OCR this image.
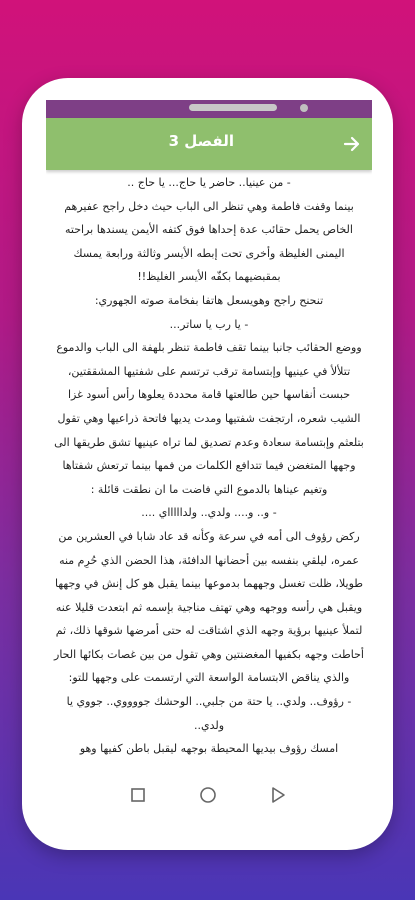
الفصل 3

- من عينيا.. حاضر يا حاج... يا حاج ..

بينما وقفت فاطمة وهي تنظر الى الباب حيث دخل راجح عفيرهم الخاص يحمل حقائب عدة إحداها فوق كتفه الأيمن يسندها براحته اليمنى الغليظة وأخرى تحت إبطه الأيسر وثالثة ورابعة يمسك بمقبضيهما بكفّه الأيسر الغليظ!!

تنحنح راجح وهويسعل هاتفا بفخامة صوته الجهوري:

- يا رب يا ساتر...

ووضع الحقائب جانبا بينما تقف فاطمة تنظر بلهفة الى الباب والدموع تتلألأ في عينيها وإبتسامة ترقب ترتسم على شفتيها المشققتين، حبست أنفاسها حين طالعتها قامة محددة يعلوها رأس أسود غزا الشيب شعره، ارتجفت شفتيها ومدت يديها فاتحة ذراعيها وهي تقول بتلعثم وإبتسامة سعادة وعدم تصديق لما تراه عينيها تشق طريقها الى وجهها المتغضن فيما تتدافع الكلمات من فمها بينما ترتعش شفتاها وتغيم عيناها بالدموع التي فاضت ما ان نطقت قائلة :

- و.. و.... ولدي.. ولداااااي ....

ركض رؤوف الى أمه في سرعة وكأنه قد عاد شابا في العشرين من عمره، ليلقي بنفسه بين أحضانها الدافئة، هذا الحضن الذي حُرِم منه طويلا، ظلت تغسل وجههما بدموعها بينما يقبل هو كل إنش في وجهها ويقبل هي رأسه ووجهه وهي تهتف مناجية بإسمه ثم ابتعدت قليلا عنه لتملأ عينيها برؤية وجهه الذي اشتاقت له حتى أمرضها شوقها ذلك، ثم أحاطت وجهه بكفيها المغضنتين وهي تقول من بين غصات بكائها الحار والذي يناقض الابتسامة الواسعة التي ارتسمت على وجهها للتو:

- رؤوف.. ولدي.. يا حتة من جلبي.. الوحشك جووووي.. جووي يا ولدي..

امسك رؤوف بيديها المحيطة بوجهه ليقبل باطن كفيها وهو
